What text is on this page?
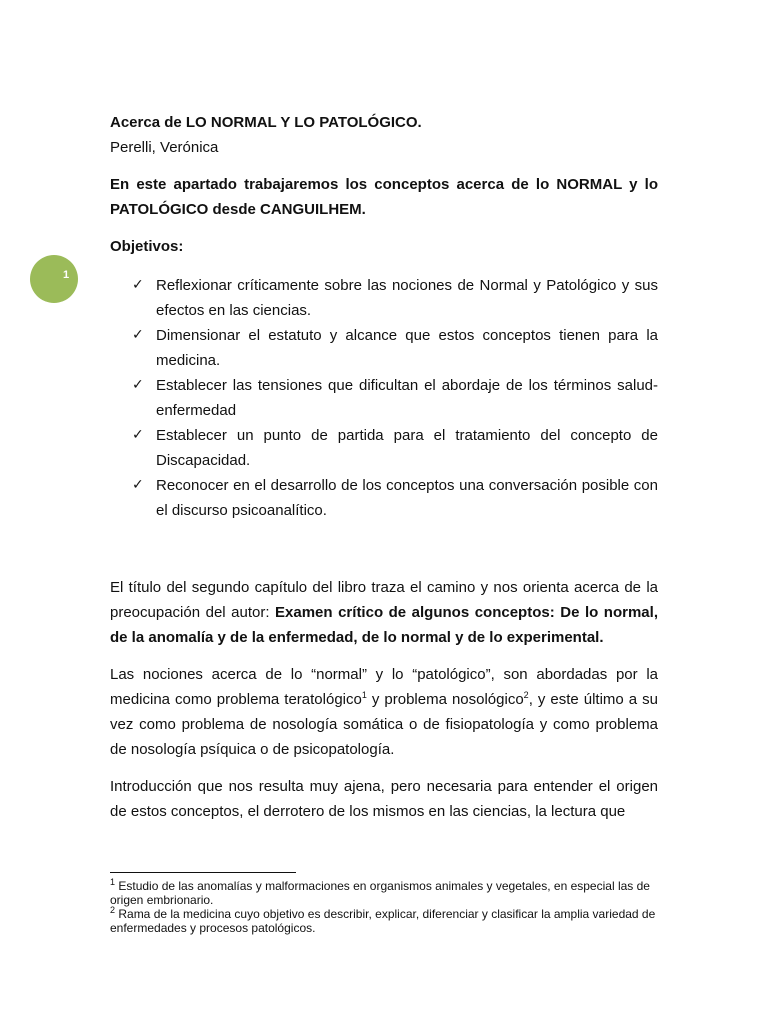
1

Acerca de LO NORMAL Y LO PATOLÓGICO.

Perelli, Verónica

En este apartado trabajaremos los conceptos acerca de lo NORMAL y lo PATOLÓGICO desde CANGUILHEM.

Objetivos:

✓ Reflexionar críticamente sobre las nociones de Normal y Patológico y sus efectos en las ciencias.
✓ Dimensionar el estatuto y alcance que estos conceptos tienen para la medicina.
✓ Establecer las tensiones que dificultan el abordaje de los términos salud-enfermedad
✓ Establecer un punto de partida para el tratamiento del concepto de Discapacidad.
✓ Reconocer en el desarrollo de los conceptos una conversación posible con el discurso psicoanalítico.

El título del segundo capítulo del libro traza el camino y nos orienta acerca de la preocupación del autor: Examen crítico de algunos conceptos: De lo normal, de la anomalía y de la enfermedad, de lo normal y de lo experimental.

Las nociones acerca de lo “normal” y lo “patológico”, son abordadas por la medicina como problema teratológico$^1$ y problema nosológico$^2$, y este último a su vez como problema de nosología somática o de fisiopatología y como problema de nosología psíquica o de psicopatología.

Introducción que nos resulta muy ajena, pero necesaria para entender el origen de estos conceptos, el derrotero de los mismos en las ciencias, la lectura que

$^1$ Estudio de las anomalías y malformaciones en organismos animales y vegetales, en especial las de origen embrionario.

$^2$ Rama de la medicina cuyo objetivo es describir, explicar, diferenciar y clasificar la amplia variedad de enfermedades y procesos patológicos.
